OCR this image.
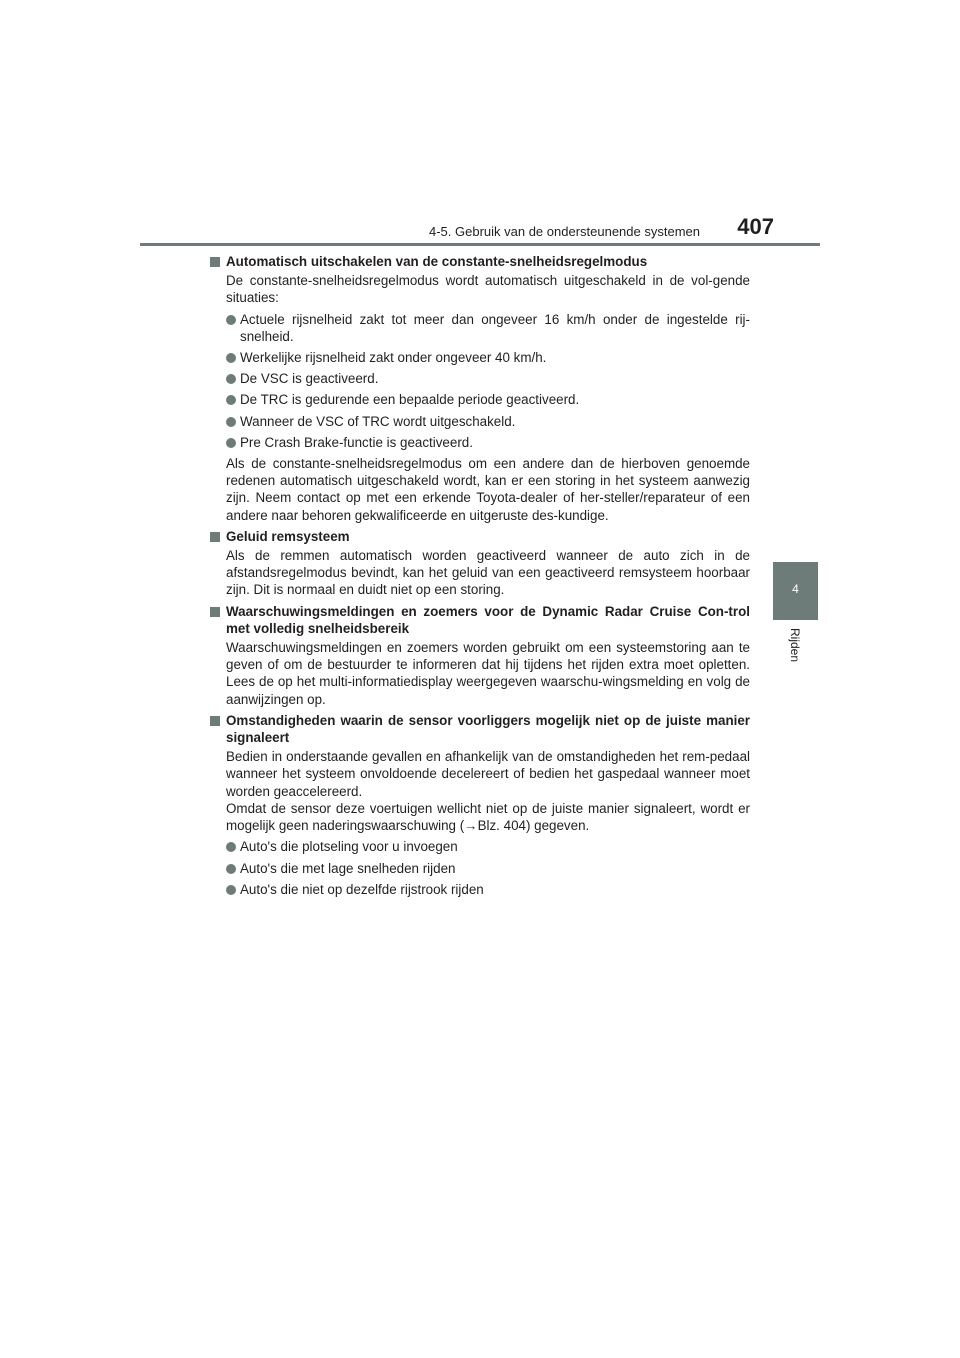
4-5. Gebruik van de ondersteunende systemen 407
4
Rijden
Automatisch uitschakelen van de constante-snelheidsregelmodus
De constante-snelheidsregelmodus wordt automatisch uitgeschakeld in de vol-gende situaties:
Actuele rijsnelheid zakt tot meer dan ongeveer 16 km/h onder de ingestelde rij-snelheid.
Werkelijke rijsnelheid zakt onder ongeveer 40 km/h.
De VSC is geactiveerd.
De TRC is gedurende een bepaalde periode geactiveerd.
Wanneer de VSC of TRC wordt uitgeschakeld.
Pre Crash Brake-functie is geactiveerd.
Als de constante-snelheidsregelmodus om een andere dan de hierboven genoemde redenen automatisch uitgeschakeld wordt, kan er een storing in het systeem aanwezig zijn. Neem contact op met een erkende Toyota-dealer of her-steller/reparateur of een andere naar behoren gekwalificeerde en uitgeruste des-kundige.
Geluid remsysteem
Als de remmen automatisch worden geactiveerd wanneer de auto zich in de afstandsregelmodus bevindt, kan het geluid van een geactiveerd remsysteem hoorbaar zijn. Dit is normaal en duidt niet op een storing.
Waarschuwingsmeldingen en zoemers voor de Dynamic Radar Cruise Con-trol met volledig snelheidsbereik
Waarschuwingsmeldingen en zoemers worden gebruikt om een systeemstoring aan te geven of om de bestuurder te informeren dat hij tijdens het rijden extra moet opletten. Lees de op het multi-informatiedisplay weergegeven waarschu-wingsmelding en volg de aanwijzingen op.
Omstandigheden waarin de sensor voorliggers mogelijk niet op de juiste manier signaleert
Bedien in onderstaande gevallen en afhankelijk van de omstandigheden het rem-pedaal wanneer het systeem onvoldoende decelereert of bedien het gaspedaal wanneer moet worden geaccelereerd.
Omdat de sensor deze voertuigen wellicht niet op de juiste manier signaleert, wordt er mogelijk geen naderingswaarschuwing (→Blz. 404) gegeven.
Auto's die plotseling voor u invoegen
Auto's die met lage snelheden rijden
Auto's die niet op dezelfde rijstrook rijden
